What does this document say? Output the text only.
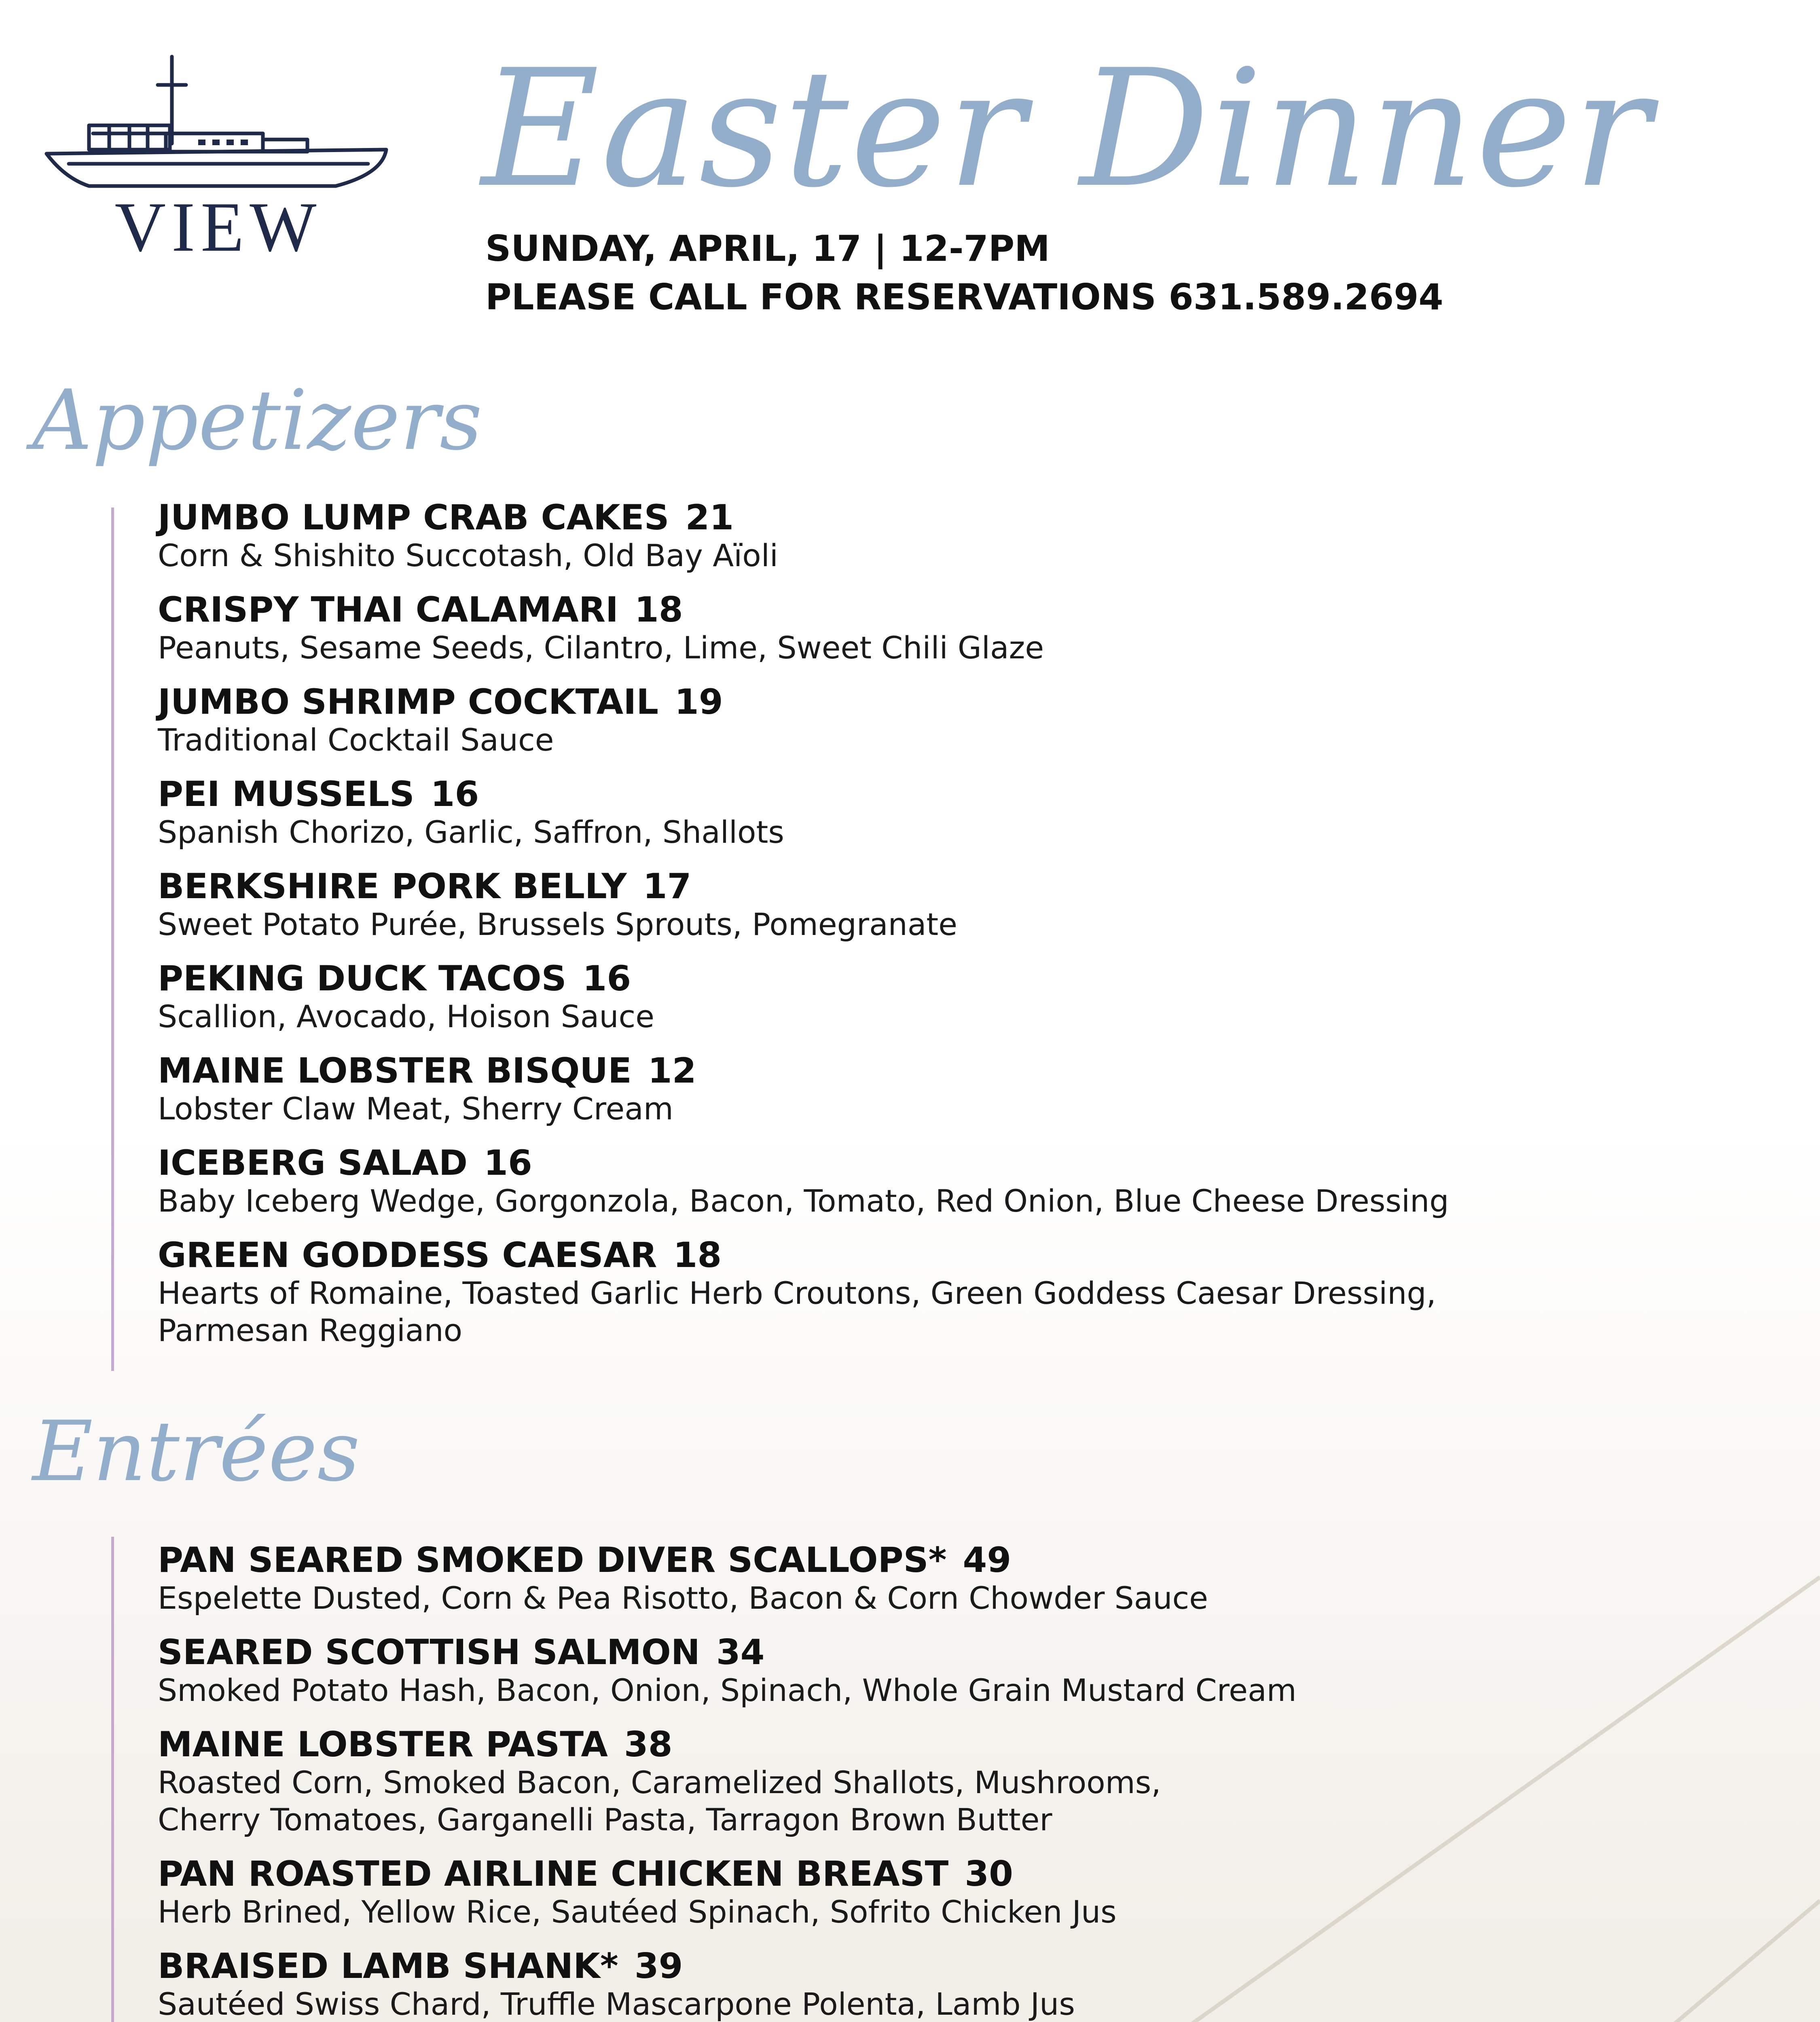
VIEW
Easter Dinner
SUNDAY, APRIL, 17 | 12-7PM
PLEASE CALL FOR RESERVATIONS 631.589.2694
Appetizers
JUMBO LUMP CRAB CAKES 21
Corn & Shishito Succotash, Old Bay Aïoli
CRISPY THAI CALAMARI 18
Peanuts, Sesame Seeds, Cilantro, Lime, Sweet Chili Glaze
JUMBO SHRIMP COCKTAIL 19
Traditional Cocktail Sauce
PEI MUSSELS 16
Spanish Chorizo, Garlic, Saffron, Shallots
BERKSHIRE PORK BELLY 17
Sweet Potato Purée, Brussels Sprouts, Pomegranate
PEKING DUCK TACOS 16
Scallion, Avocado, Hoison Sauce
MAINE LOBSTER BISQUE 12
Lobster Claw Meat, Sherry Cream
ICEBERG SALAD 16
Baby Iceberg Wedge, Gorgonzola, Bacon, Tomato, Red Onion, Blue Cheese Dressing
GREEN GODDESS CAESAR 18
Hearts of Romaine, Toasted Garlic Herb Croutons, Green Goddess Caesar Dressing,
Parmesan Reggiano
Entrées
PAN SEARED SMOKED DIVER SCALLOPS* 49
Espelette Dusted, Corn & Pea Risotto, Bacon & Corn Chowder Sauce
SEARED SCOTTISH SALMON 34
Smoked Potato Hash, Bacon, Onion, Spinach, Whole Grain Mustard Cream
MAINE LOBSTER PASTA 38
Roasted Corn, Smoked Bacon, Caramelized Shallots, Mushrooms,
Cherry Tomatoes, Garganelli Pasta, Tarragon Brown Butter
PAN ROASTED AIRLINE CHICKEN BREAST 30
Herb Brined, Yellow Rice, Sautéed Spinach, Sofrito Chicken Jus
BRAISED LAMB SHANK* 39
Sautéed Swiss Chard, Truffle Mascarpone Polenta, Lamb Jus
